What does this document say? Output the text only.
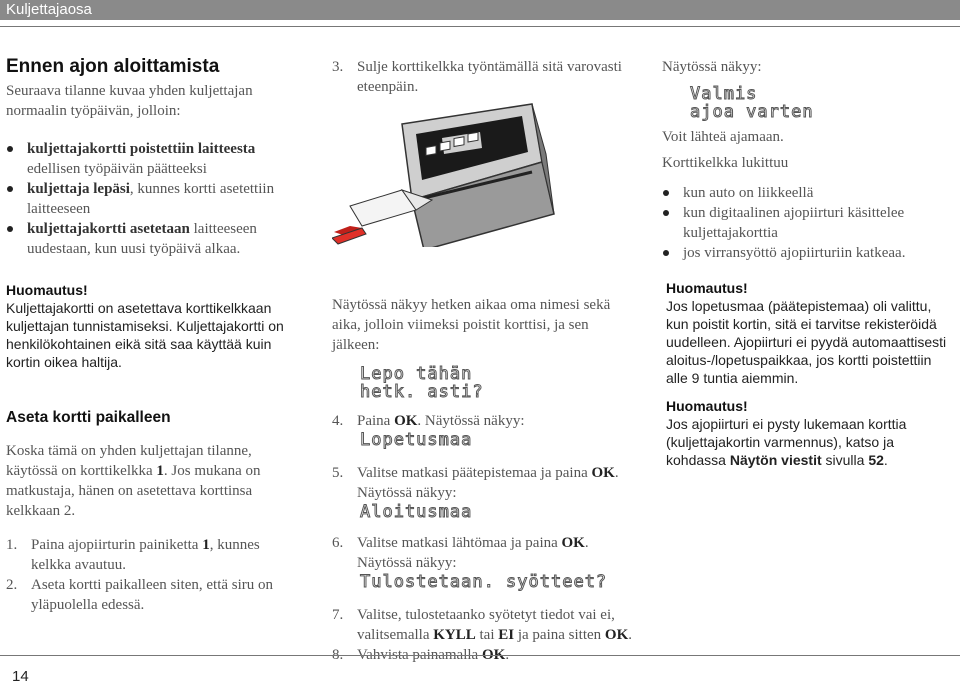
Kuljettajaosa
Ennen ajon aloittamista

Seuraava tilanne kuvaa yhden kuljettajan normaalin työpäivän, jolloin:

kuljettajakortti poistettiin laitteesta edellisen työpäivän päätteeksi
kuljettaja lepäsi, kunnes kortti asetettiin laitteeseen
kuljettajakortti asetetaan laitteeseen uudestaan, kun uusi työpäivä alkaa.

Huomautus!

Kuljettajakortti on asetettava korttikelkkaan kuljettajan tunnistamiseksi. Kuljettajakortti on henkilökohtainen eikä sitä saa käyttää kuin kortin oikea haltija.

Aseta kortti paikalleen

Koska tämä on yhden kuljettajan tilanne, käytössä on korttikelkka 1. Jos mukana on matkustaja, hänen on asetettava korttinsa kelkkaan 2.

1. Paina ajopiirturin painiketta 1, kunnes kelkka avautuu.
2. Aseta kortti paikalleen siten, että siru on yläpuolella edessä.
3. Sulje korttikelkka työntämällä sitä varovasti eteenpäin.

Näytössä näkyy hetken aikaa oma nimesi sekä aika, jolloin viimeksi poistit korttisi, ja sen jälkeen:

Lepo tähän
hetk. asti?
4. Paina OK. Näytössä näkyy:
Lopetusmaa
5. Valitse matkasi päätepistemaa ja paina OK. Näytössä näkyy:
Aloitusmaa
6. Valitse matkasi lähtömaa ja paina OK. Näytössä näkyy:
Tulostetaan. syötteet?
7. Valitse, tulostetaanko syötetyt tiedot vai ei, valitsemalla KYLL tai EI ja paina sitten OK.
8. Vahvista painamalla OK.

Näytössä näkyy:

Valmis
ajoa varten

Voit lähteä ajamaan.

Korttikelkka lukittuu

kun auto on liikkeellä
kun digitaalinen ajopiirturi käsittelee kuljettajakorttia
jos virransyöttö ajopiirturiin katkeaa.

Huomautus!

Jos lopetusmaa (päätepistemaa) oli valittu, kun poistit kortin, sitä ei tarvitse rekisteröidä uudelleen. Ajopiirturi ei pyydä automaattisesti aloitus-/lopetuspaikkaa, jos kortti poistettiin alle 9 tuntia aiemmin.

Huomautus!

Jos ajopiirturi ei pysty lukemaan korttia (kuljettajakortin varmennus), katso ja kohdassa Näytön viestit sivulla 52.

14
